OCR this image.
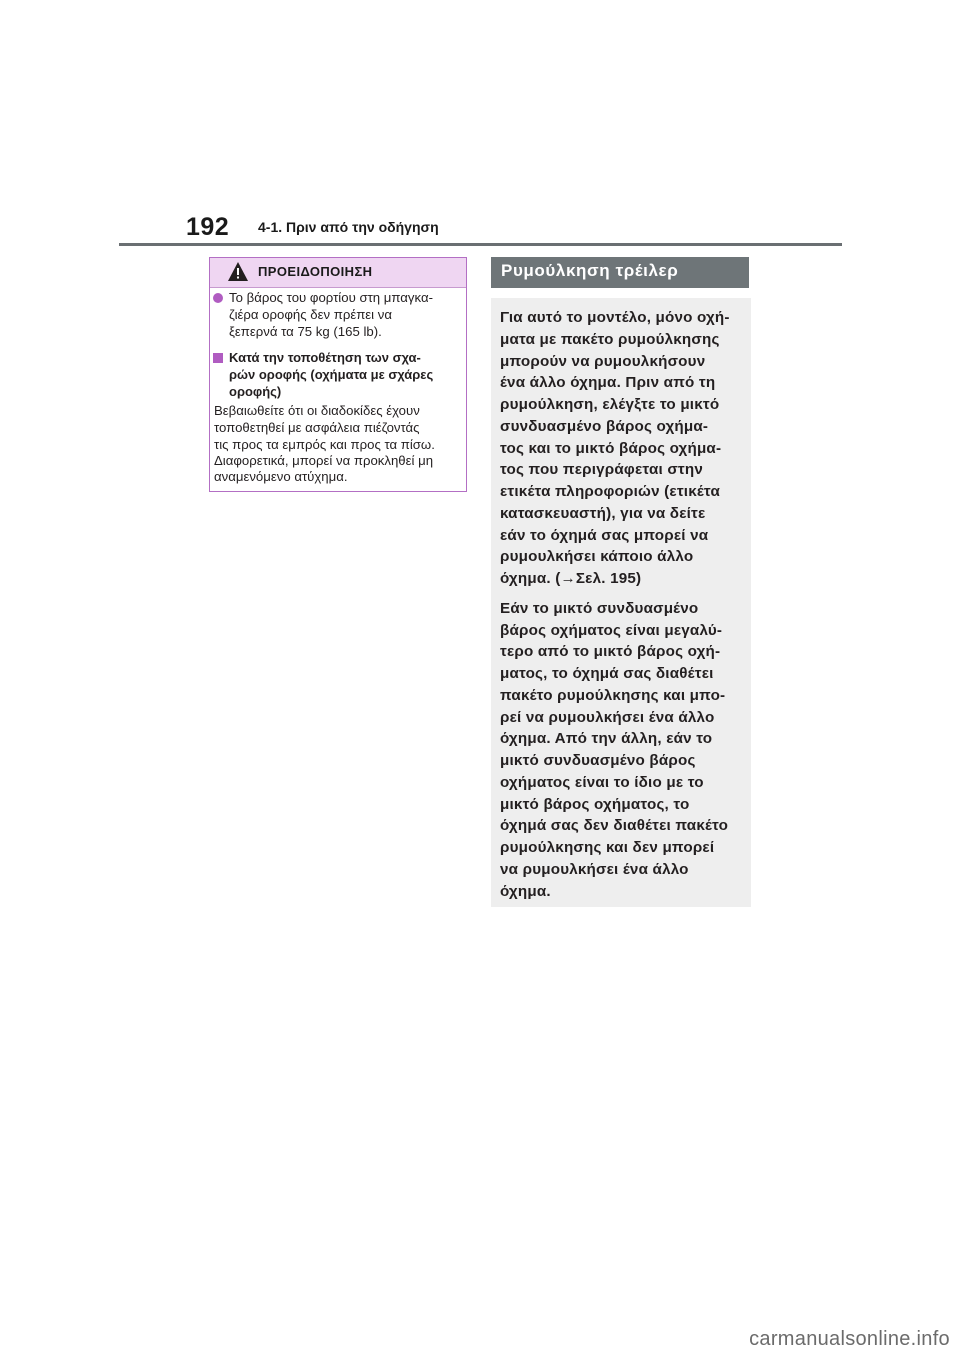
192 4-1. Πριν από την οδήγηση
ΠΡΟΕΙΔΟΠΟΙΗΣΗ
Το βάρος του φορτίου στη μπαγκα-
ζιέρα οροφής δεν πρέπει να
ξεπερνά τα 75 kg (165 lb).
Κατά την τοποθέτηση των σχα-
ρών οροφής (οχήματα με σχάρες
οροφής)
Βεβαιωθείτε ότι οι διαδοκίδες έχουν
τοποθετηθεί με ασφάλεια πιέζοντάς
τις προς τα εμπρός και προς τα πίσω.
Διαφορετικά, μπορεί να προκληθεί μη
αναμενόμενο ατύχημα.
Ρυμούλκηση τρέιλερ
Για αυτό το μοντέλο, μόνο οχή-
ματα με πακέτο ρυμούλκησης
μπορούν να ρυμουλκήσουν
ένα άλλο όχημα. Πριν από τη
ρυμούλκηση, ελέγξτε το μικτό
συνδυασμένο βάρος οχήμα-
τος και το μικτό βάρος οχήμα-
τος που περιγράφεται στην
ετικέτα πληροφοριών (ετικέτα
κατασκευαστή), για να δείτε
εάν το όχημά σας μπορεί να
ρυμουλκήσει κάποιο άλλο
όχημα. (→Σελ. 195)
Εάν το μικτό συνδυασμένο
βάρος οχήματος είναι μεγαλύ-
τερο από το μικτό βάρος οχή-
ματος, το όχημά σας διαθέτει
πακέτο ρυμούλκησης και μπο-
ρεί να ρυμουλκήσει ένα άλλο
όχημα. Από την άλλη, εάν το
μικτό συνδυασμένο βάρος
οχήματος είναι το ίδιο με το
μικτό βάρος οχήματος, το
όχημά σας δεν διαθέτει πακέτο
ρυμούλκησης και δεν μπορεί
να ρυμουλκήσει ένα άλλο
όχημα.
carmanualsonline.info
